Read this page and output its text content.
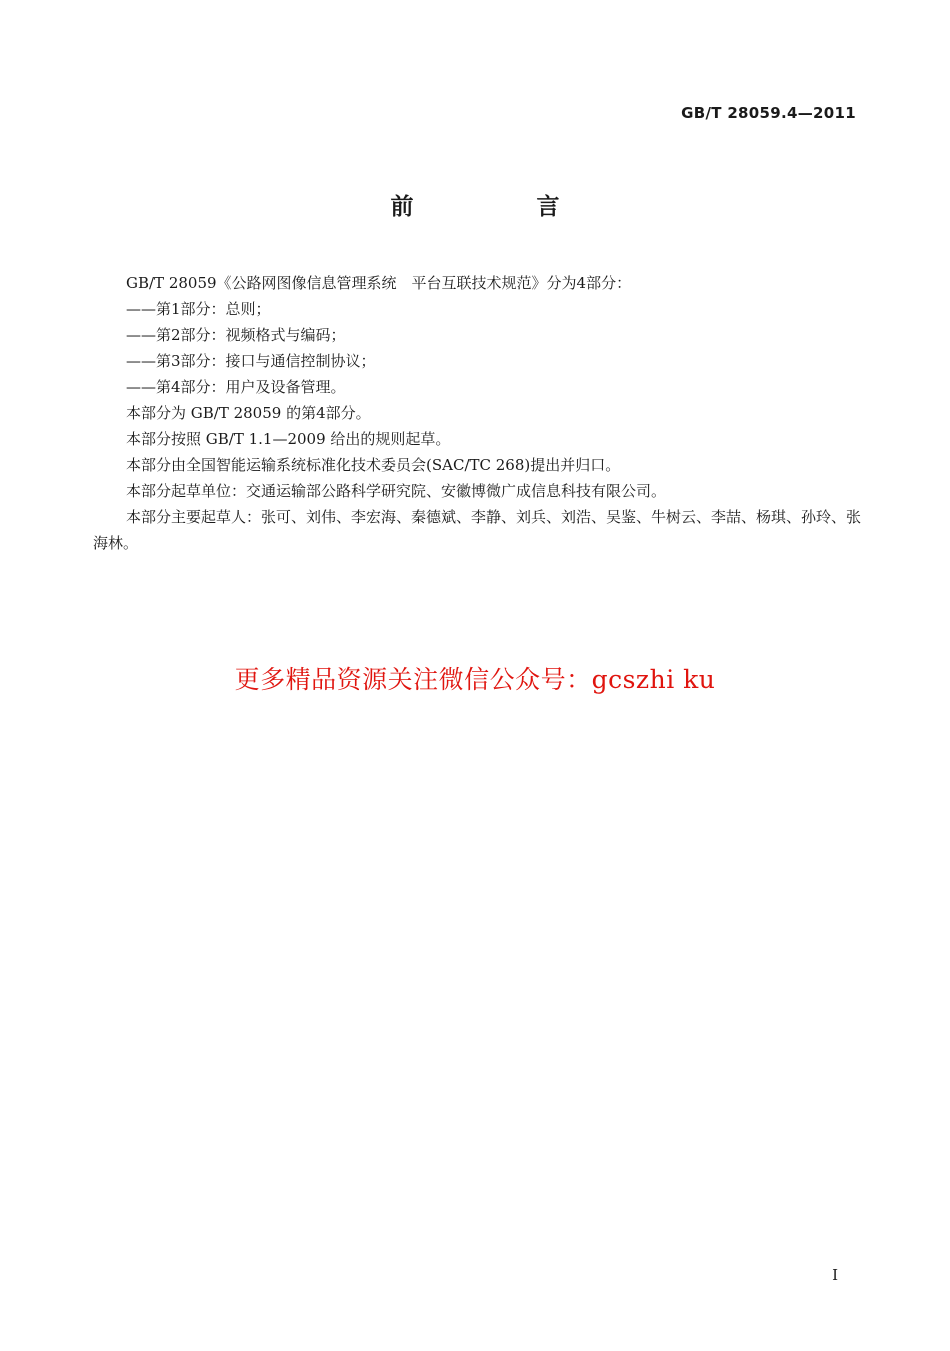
GB/T 28059.4—2011
前　言

GB/T 28059《公路网图像信息管理系统　平台互联技术规范》分为4部分：

——第1部分：总则；

——第2部分：视频格式与编码；

——第3部分：接口与通信控制协议；

——第4部分：用户及设备管理。

本部分为 GB/T 28059 的第4部分。

本部分按照 GB/T 1.1—2009 给出的规则起草。

本部分由全国智能运输系统标准化技术委员会(SAC/TC 268)提出并归口。

本部分起草单位：交通运输部公路科学研究院、安徽博微广成信息科技有限公司。

本部分主要起草人：张可、刘伟、李宏海、秦德斌、李静、刘兵、刘浩、吴鉴、牛树云、李喆、杨琪、孙玲、张海林。

更多精品资源关注微信公众号：gcszhi ku
I
